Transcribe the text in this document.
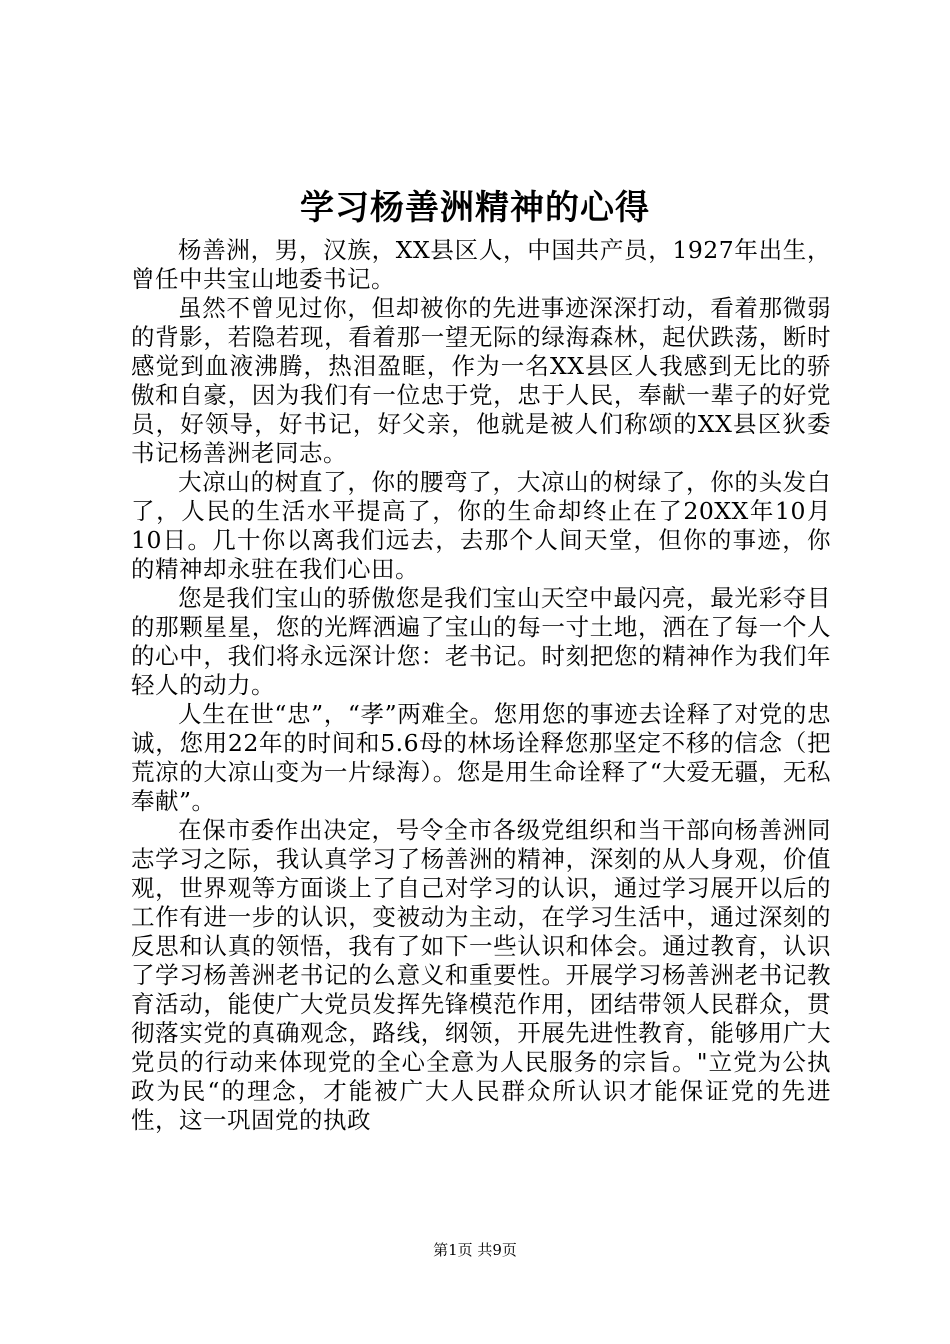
学习杨善洲精神的心得

杨善洲，男，汉族，XX县区人，中国共产员，1927年出生，曾任中共宝山地委书记。

虽然不曾见过你，但却被你的先进事迹深深打动，看着那微弱的背影，若隐若现，看着那一望无际的绿海森林，起伏跌荡，断时感觉到血液沸腾，热泪盈眶，作为一名XX县区人我感到无比的骄傲和自豪，因为我们有一位忠于党，忠于人民，奉献一辈子的好党员，好领导，好书记，好父亲，他就是被人们称颂的XX县区狄委书记杨善洲老同志。

大凉山的树直了，你的腰弯了，大凉山的树绿了，你的头发白了，人民的生活水平提高了，你的生命却终止在了20XX年10月10日。几十你以离我们远去，去那个人间天堂，但你的事迹，你的精神却永驻在我们心田。

您是我们宝山的骄傲您是我们宝山天空中最闪亮，最光彩夺目的那颗星星，您的光辉洒遍了宝山的每一寸土地，洒在了每一个人的心中，我们将永远深计您：老书记。时刻把您的精神作为我们年轻人的动力。

人生在世“忠”，“孝”两难全。您用您的事迹去诠释了对党的忠诚，您用22年的时间和5.6母的林场诠释您那坚定不移的信念（把荒凉的大凉山变为一片绿海）。您是用生命诠释了“大爱无疆，无私奉献”。

在保市委作出决定，号令全市各级党组织和当干部向杨善洲同志学习之际，我认真学习了杨善洲的精神，深刻的从人身观，价值观，世界观等方面谈上了自己对学习的认识，通过学习展开以后的工作有进一步的认识，变被动为主动，在学习生活中，通过深刻的反思和认真的领悟，我有了如下一些认识和体会。通过教育，认识了学习杨善洲老书记的么意义和重要性。开展学习杨善洲老书记教育活动，能使广大党员发挥先锋模范作用，团结带领人民群众，贯彻落实党的真确观念，路线，纲领，开展先进性教育，能够用广大党员的行动来体现党的全心全意为人民服务的宗旨。"立党为公执政为民“的理念，才能被广大人民群众所认识才能保证党的先进性，这一巩固党的执政

第1页 共9页
